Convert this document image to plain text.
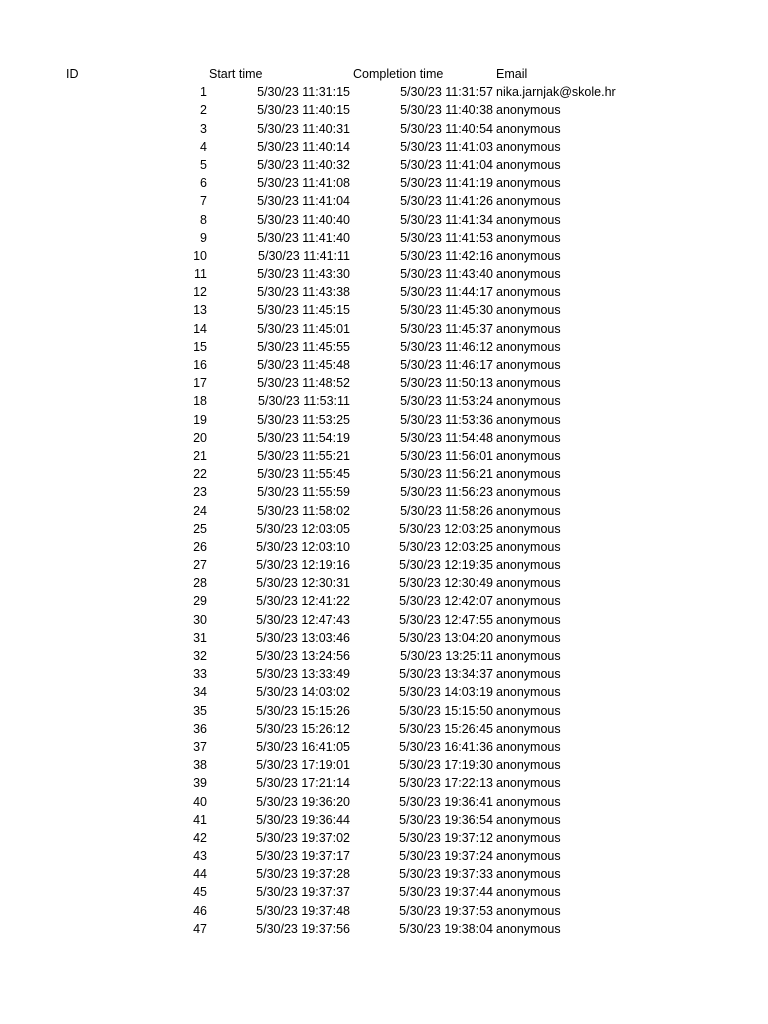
ID	Start time	Completion time	Email
1	5/30/23 11:31:15	5/30/23 11:31:57 nika.jarnjak@skole.hr
2	5/30/23 11:40:15	5/30/23 11:40:38 anonymous
3	5/30/23 11:40:31	5/30/23 11:40:54 anonymous
4	5/30/23 11:40:14	5/30/23 11:41:03 anonymous
5	5/30/23 11:40:32	5/30/23 11:41:04 anonymous
6	5/30/23 11:41:08	5/30/23 11:41:19 anonymous
7	5/30/23 11:41:04	5/30/23 11:41:26 anonymous
8	5/30/23 11:40:40	5/30/23 11:41:34 anonymous
9	5/30/23 11:41:40	5/30/23 11:41:53 anonymous
10	5/30/23 11:41:11	5/30/23 11:42:16 anonymous
11	5/30/23 11:43:30	5/30/23 11:43:40 anonymous
12	5/30/23 11:43:38	5/30/23 11:44:17 anonymous
13	5/30/23 11:45:15	5/30/23 11:45:30 anonymous
14	5/30/23 11:45:01	5/30/23 11:45:37 anonymous
15	5/30/23 11:45:55	5/30/23 11:46:12 anonymous
16	5/30/23 11:45:48	5/30/23 11:46:17 anonymous
17	5/30/23 11:48:52	5/30/23 11:50:13 anonymous
18	5/30/23 11:53:11	5/30/23 11:53:24 anonymous
19	5/30/23 11:53:25	5/30/23 11:53:36 anonymous
20	5/30/23 11:54:19	5/30/23 11:54:48 anonymous
21	5/30/23 11:55:21	5/30/23 11:56:01 anonymous
22	5/30/23 11:55:45	5/30/23 11:56:21 anonymous
23	5/30/23 11:55:59	5/30/23 11:56:23 anonymous
24	5/30/23 11:58:02	5/30/23 11:58:26 anonymous
25	5/30/23 12:03:05	5/30/23 12:03:25 anonymous
26	5/30/23 12:03:10	5/30/23 12:03:25 anonymous
27	5/30/23 12:19:16	5/30/23 12:19:35 anonymous
28	5/30/23 12:30:31	5/30/23 12:30:49 anonymous
29	5/30/23 12:41:22	5/30/23 12:42:07 anonymous
30	5/30/23 12:47:43	5/30/23 12:47:55 anonymous
31	5/30/23 13:03:46	5/30/23 13:04:20 anonymous
32	5/30/23 13:24:56	5/30/23 13:25:11 anonymous
33	5/30/23 13:33:49	5/30/23 13:34:37 anonymous
34	5/30/23 14:03:02	5/30/23 14:03:19 anonymous
35	5/30/23 15:15:26	5/30/23 15:15:50 anonymous
36	5/30/23 15:26:12	5/30/23 15:26:45 anonymous
37	5/30/23 16:41:05	5/30/23 16:41:36 anonymous
38	5/30/23 17:19:01	5/30/23 17:19:30 anonymous
39	5/30/23 17:21:14	5/30/23 17:22:13 anonymous
40	5/30/23 19:36:20	5/30/23 19:36:41 anonymous
41	5/30/23 19:36:44	5/30/23 19:36:54 anonymous
42	5/30/23 19:37:02	5/30/23 19:37:12 anonymous
43	5/30/23 19:37:17	5/30/23 19:37:24 anonymous
44	5/30/23 19:37:28	5/30/23 19:37:33 anonymous
45	5/30/23 19:37:37	5/30/23 19:37:44 anonymous
46	5/30/23 19:37:48	5/30/23 19:37:53 anonymous
47	5/30/23 19:37:56	5/30/23 19:38:04 anonymous
